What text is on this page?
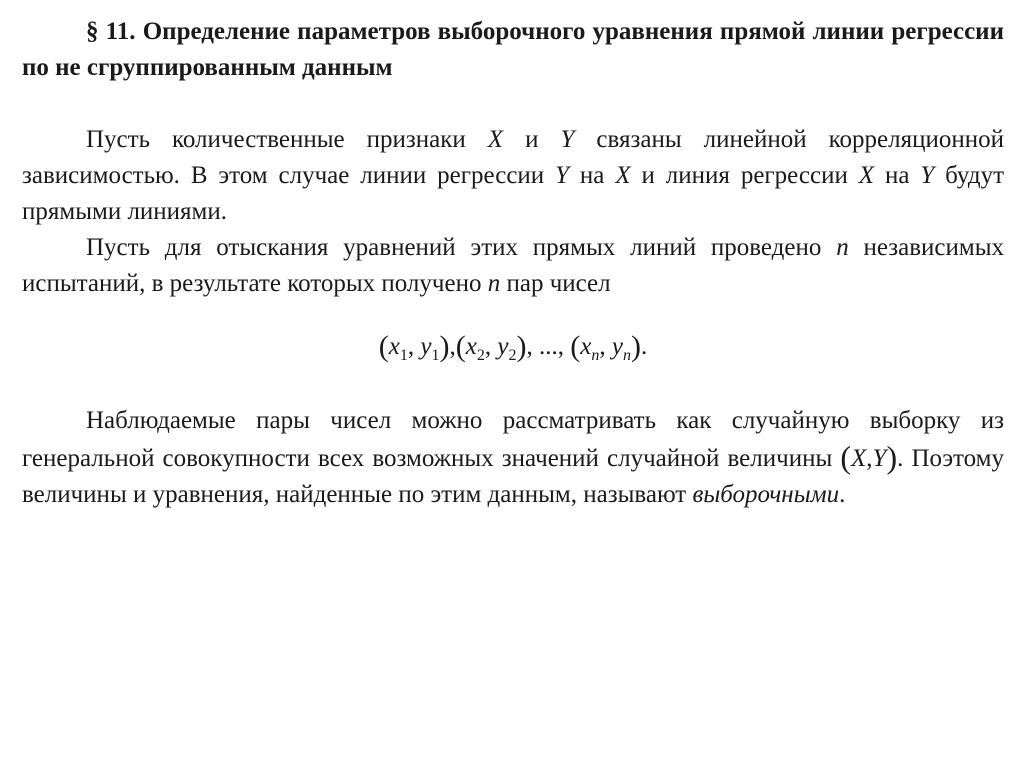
§ 11. Определение параметров выборочного уравнения прямой линии регрессии по не сгруппированным данным

Пусть количественные признаки X и Y связаны линейной корреляционной зависимостью. В этом случае линии регрессии Y на X и линия регрессии X на Y будут прямыми линиями.

Пусть для отыскания уравнений этих прямых линий проведено n независимых испытаний, в результате которых получено n пар чисел

($x_1$, $y_1),(x_2$, $y_2$), ..., ($x_n$, $y_n$).

Наблюдаемые пары чисел можно рассматривать как случайную выборку из генеральной совокупности всех возможных значений случайной величины (X,Y). Поэтому величины и уравнения, найденные по этим данным, называют выборочными.
